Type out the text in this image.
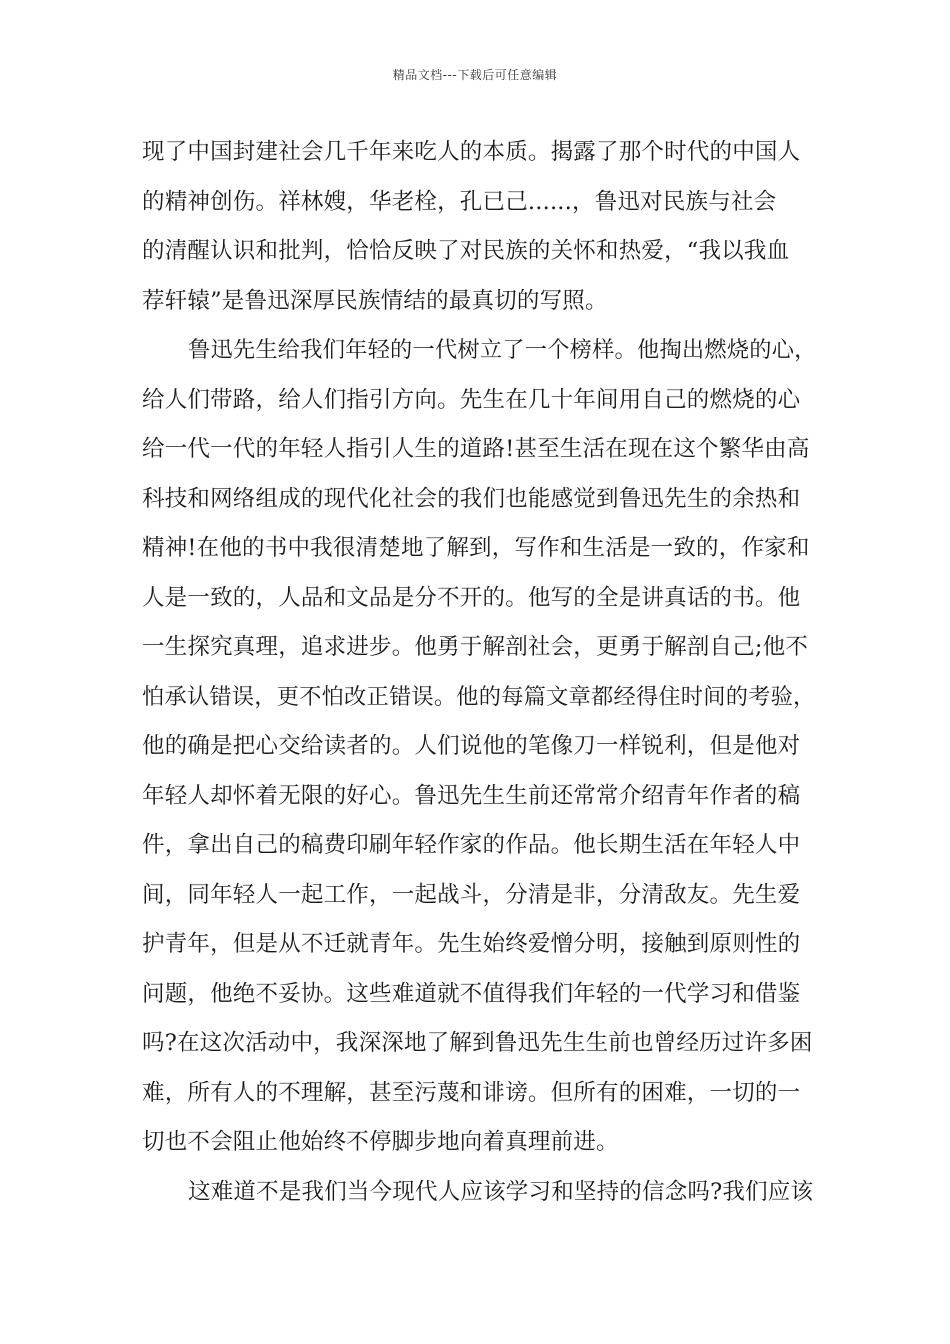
精品文档---下载后可任意编辑
现了中国封建社会几千年来吃人的本质。揭露了那个时代的中国人
的精神创伤。祥林嫂，华老栓，孔已己......，鲁迅对民族与社会
的清醒认识和批判，恰恰反映了对民族的关怀和热爱，“我以我血
荐轩辕”是鲁迅深厚民族情结的最真切的写照。
鲁迅先生给我们年轻的一代树立了一个榜样。他掏出燃烧的心，
给人们带路，给人们指引方向。先生在几十年间用自己的燃烧的心
给一代一代的年轻人指引人生的道路!甚至生活在现在这个繁华由高
科技和网络组成的现代化社会的我们也能感觉到鲁迅先生的余热和
精神!在他的书中我很清楚地了解到，写作和生活是一致的，作家和
人是一致的，人品和文品是分不开的。他写的全是讲真话的书。他
一生探究真理，追求进步。他勇于解剖社会，更勇于解剖自己;他不
怕承认错误，更不怕改正错误。他的每篇文章都经得住时间的考验，
他的确是把心交给读者的。人们说他的笔像刀一样锐利，但是他对
年轻人却怀着无限的好心。鲁迅先生生前还常常介绍青年作者的稿
件，拿出自己的稿费印刷年轻作家的作品。他长期生活在年轻人中
间，同年轻人一起工作，一起战斗，分清是非，分清敌友。先生爱
护青年，但是从不迁就青年。先生始终爱憎分明，接触到原则性的
问题，他绝不妥协。这些难道就不值得我们年轻的一代学习和借鉴
吗?在这次活动中，我深深地了解到鲁迅先生生前也曾经历过许多困
难，所有人的不理解，甚至污蔑和诽谤。但所有的困难，一切的一
切也不会阻止他始终不停脚步地向着真理前进。
这难道不是我们当今现代人应该学习和坚持的信念吗?我们应该
